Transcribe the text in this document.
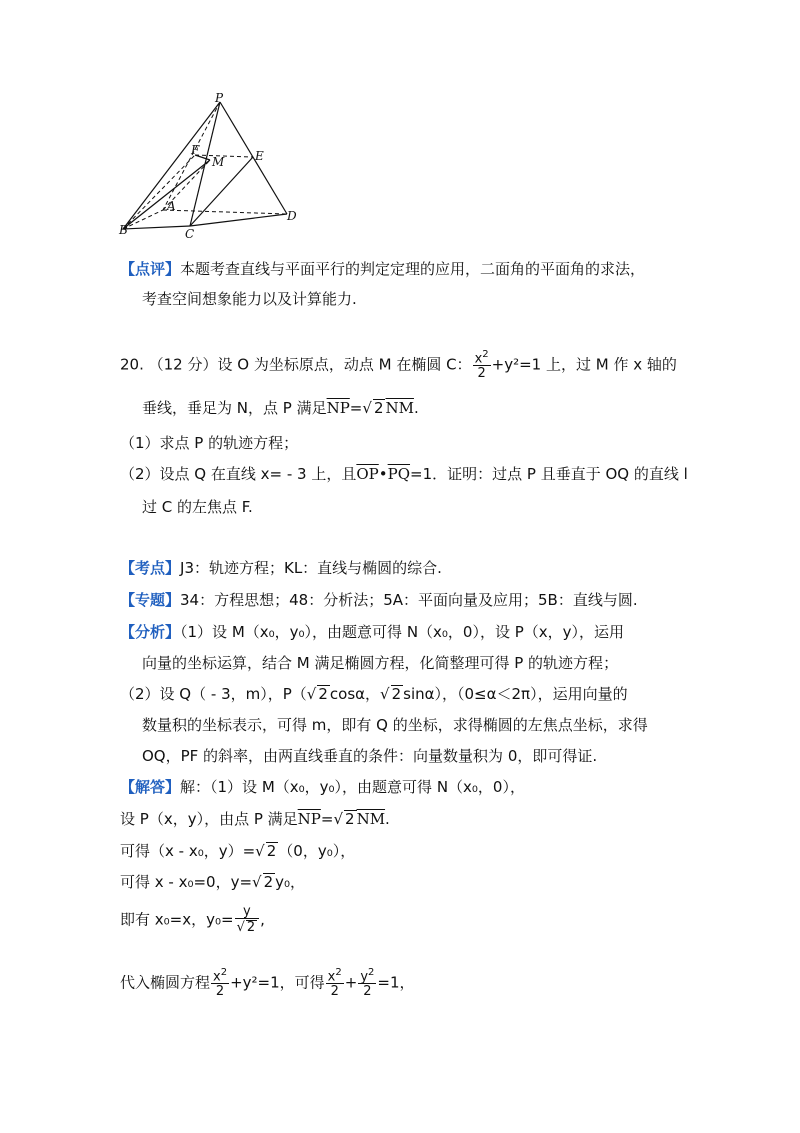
P
F
M	E
A
B	C
D
【点评】本题考查直线与平面平行的判定定理的应用，二面角的平面角的求法，
考查空间想象能力以及计算能力.
20. （12 分）设 O 为坐标原点，动点 M 在椭圆 C： $\frac{x^2}{2} +y^2=1$ 上，过 M 作 x 轴的
垂线，垂足为 N，点 P 满足$\overline{NP}=√$ 2 $\overline{NM}$.
（1）求点 P 的轨迹方程；
（2）设点 Q 在直线 x= - 3 上，且$\overline{OP}•\overline{PQ}=1$．证明：过点 P 且垂直于 OQ 的直线 l
过 C 的左焦点 F.
【考点】J3：轨迹方程；KL：直线与椭圆的综合.
【专题】34：方程思想；48：分析法；5A：平面向量及应用；5B：直线与圆.
【分析】（1）设 M（x₀，y₀），由题意可得 N（x₀，0），设 P（x，y），运用
向量的坐标运算，结合 M 满足椭圆方程，化简整理可得 P 的轨迹方程；
（2）设 Q（ - 3，m），P（√ 2 cosα，√ 2 sinα），（0≤α＜2π），运用向量的
数量积的坐标表示，可得 m，即有 Q 的坐标，求得椭圆的左焦点坐标，求得
OQ，PF 的斜率，由两直线垂直的条件：向量数量积为 0，即可得证.
【解答】解：（1）设 M（x₀，y₀），由题意可得 N（x₀，0），
设 P（x，y），由点 P 满足$\overline{NP}=√$ 2 $\overline{NM}$.
可得（x - x₀，y）=√ 2 （0，y₀），
可得 x - x₀=0，y=√ 2 y₀，
即有 x₀=x，$y_0= \frac{y}{√ 2}$ ,
代入椭圆方程 $\frac{x^2}{2} +y^2=1$，可得 $\frac{x^2}{2} + \frac{y^2}{2} =1$，
